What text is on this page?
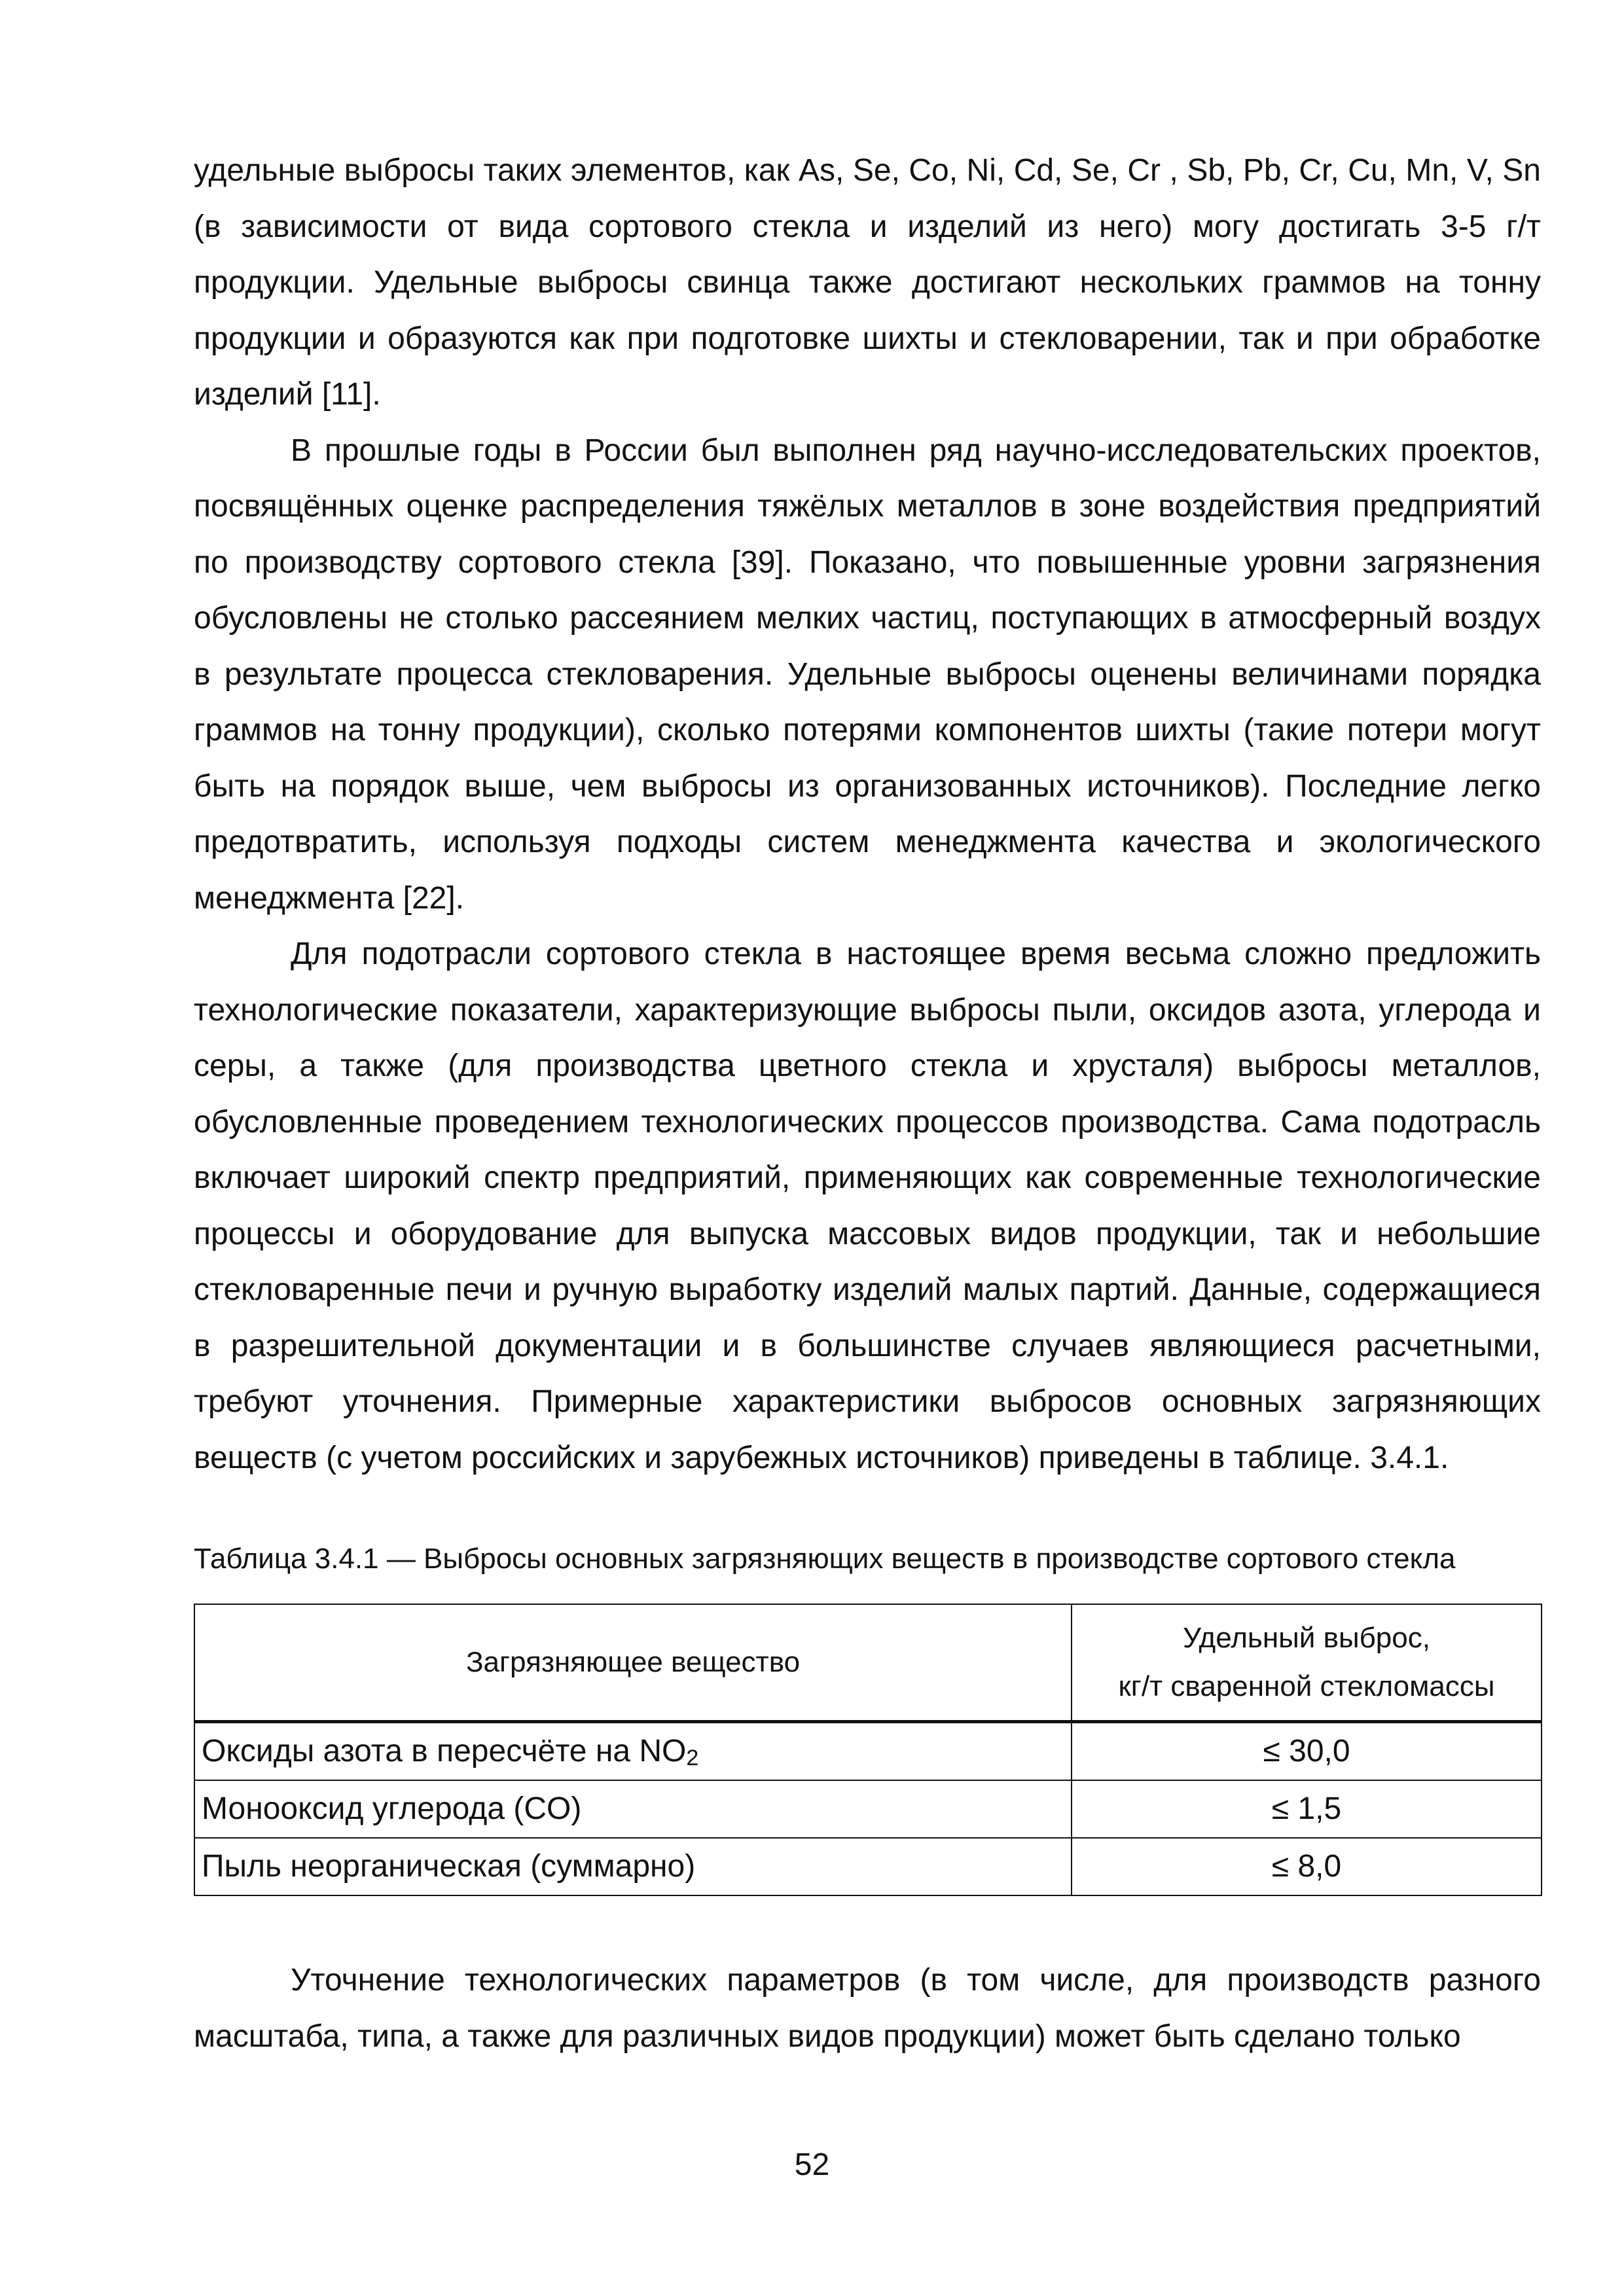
удельные выбросы таких элементов, как As, Se, Co, Ni, Cd, Se, Cr , Sb, Pb, Cr, Cu, Mn, V, Sn (в зависимости от вида сортового стекла и изделий из него) могу достигать 3-5 г/т продукции. Удельные выбросы свинца также достигают нескольких граммов на тонну продукции и образуются как при подготовке шихты и стекловарении, так и при обработке изделий [11].

В прошлые годы в России был выполнен ряд научно-исследовательских проектов, посвящённых оценке распределения тяжёлых металлов в зоне воздействия предприятий по производству сортового стекла [39]. Показано, что повышенные уровни загрязнения обусловлены не столько рассеянием мелких частиц, поступающих в атмосферный воздух в результате процесса стекловарения. Удельные выбросы оценены величинами порядка граммов на тонну продукции), сколько потерями компонентов шихты (такие потери могут быть на порядок выше, чем выбросы из организованных источников). Последние легко предотвратить, используя подходы систем менеджмента качества и экологического менеджмента [22].

Для подотрасли сортового стекла в настоящее время весьма сложно предложить технологические показатели, характеризующие выбросы пыли, оксидов азота, углерода и серы, а также (для производства цветного стекла и хрусталя) выбросы металлов, обусловленные проведением технологических процессов производства. Сама подотрасль включает широкий спектр предприятий, применяющих как современные технологические процессы и оборудование для выпуска массовых видов продукции, так и небольшие стекловаренные печи и ручную выработку изделий малых партий. Данные, содержащиеся в разрешительной документации и в большинстве случаев являющиеся расчетными, требуют уточнения. Примерные характеристики выбросов основных загрязняющих веществ (с учетом российских и зарубежных источников) приведены в таблице. 3.4.1.

Таблица 3.4.1 — Выбросы основных загрязняющих веществ в производстве сортового стекла

Загрязняющее вещество	Удельный выброс,
кг/т сваренной стекломассы

Оксиды азота в пересчёте на $NO_2$	≤ 30,0
Монооксид углерода (CO)	≤ 1,5
Пыль неорганическая (суммарно)	≤ 8,0

Уточнение технологических параметров (в том числе, для производств разного масштаба, типа, а также для различных видов продукции) может быть сделано только

52
